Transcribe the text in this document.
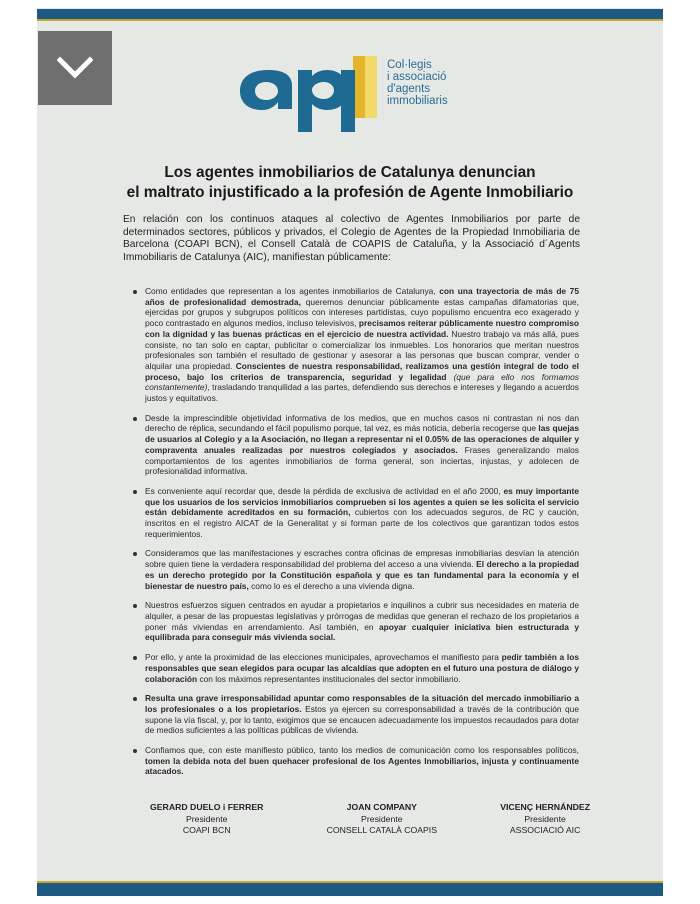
Col·legis
i associació
d'agents
immobiliaris
Los agentes inmobiliarios de Catalunya denuncian
el maltrato injustificado a la profesión de Agente Inmobiliario

En relación con los continuos ataques al colectivo de Agentes Inmobiliarios por parte de determinados sectores, públicos y privados, el Colegio de Agentes de la Propiedad Inmobiliaria de Barcelona (COAPI BCN), el Consell Català de COAPIS de Cataluña, y la Associació d´Agents Immobiliaris de Catalunya (AIC), manifiestan públicamente:

Como entidades que representan a los agentes inmobiliarios de Catalunya, con una trayectoria de más de 75 años de profesionalidad demostrada, queremos denunciar públicamente estas campañas difamatorias que, ejercidas por grupos y subgrupos políticos con intereses partidistas, cuyo populismo encuentra eco exagerado y poco contrastado en algunos medios, incluso televisivos, precisamos reiterar públicamente nuestro compromiso con la dignidad y las buenas prácticas en el ejercicio de nuestra actividad. Nuestro trabajo va más allá, pues consiste, no tan solo en captar, publicitar o comercializar los inmuebles. Los honorarios que meritan nuestros profesionales son también el resultado de gestionar y asesorar a las personas que buscan comprar, vender o alquilar una propiedad. Conscientes de nuestra responsabilidad, realizamos una gestión integral de todo el proceso, bajo los criterios de transparencia, seguridad y legalidad (que para ello nos formamos constantemente), trasladando tranquilidad a las partes, defendiendo sus derechos e intereses y llegando a acuerdos justos y equitativos.
Desde la imprescindible objetividad informativa de los medios, que en muchos casos ni contrastan ni nos dan derecho de réplica, secundando el fácil populismo porque, tal vez, es más noticia, debería recogerse que las quejas de usuarios al Colegio y a la Asociación, no llegan a representar ni el 0.05% de las operaciones de alquiler y compraventa anuales realizadas por nuestros colegiados y asociados. Frases generalizando malos comportamientos de los agentes inmobiliarios de forma general, son inciertas, injustas, y adolecen de profesionalidad informativa.
Es conveniente aquí recordar que, desde la pérdida de exclusiva de actividad en el año 2000, es muy importante que los usuarios de los servicios inmobiliarios comprueben si los agentes a quien se les solicita el servicio están debidamente acreditados en su formación, cubiertos con los adecuados seguros, de RC y caución, inscritos en el registro AICAT de la Generalitat y si forman parte de los colectivos que garantizan todos estos requerimientos.
Consideramos que las manifestaciones y escraches contra oficinas de empresas inmobiliarias desvían la atención sobre quien tiene la verdadera responsabilidad del problema del acceso a una vivienda. El derecho a la propiedad es un derecho protegido por la Constitución española y que es tan fundamental para la economía y el bienestar de nuestro país, como lo es el derecho a una vivienda digna.
Nuestros esfuerzos siguen centrados en ayudar a propietarios e inquilinos a cubrir sus necesidades en materia de alquiler, a pesar de las propuestas legislativas y prórrogas de medidas que generan el rechazo de los propietarios a poner más viviendas en arrendamiento. Así también, en apoyar cualquier iniciativa bien estructurada y equilibrada para conseguir más vivienda social.
Por ello, y ante la proximidad de las elecciones municipales, aprovechamos el manifiesto para pedir también a los responsables que sean elegidos para ocupar las alcaldías que adopten en el futuro una postura de diálogo y colaboración con los máximos representantes institucionales del sector inmobiliario.
Resulta una grave irresponsabilidad apuntar como responsables de la situación del mercado inmobiliario a los profesionales o a los propietarios. Estos ya ejercen su corresponsabilidad a través de la contribución que supone la vía fiscal, y, por lo tanto, exigimos que se encaucen adecuadamente los impuestos recaudados para dotar de medios suficientes a las políticas públicas de vivienda.
Confiamos que, con este manifiesto público, tanto los medios de comunicación como los responsables políticos, tomen la debida nota del buen quehacer profesional de los Agentes Inmobiliarios, injusta y continuamente atacados.
GERARD DUELO i FERRER
Presidente
COAPI BCN
JOAN COMPANY
Presidente
CONSELL CATALÀ COAPIS
VICENÇ HERNÁNDEZ
Presidente
ASSOCIACIÓ AIC
